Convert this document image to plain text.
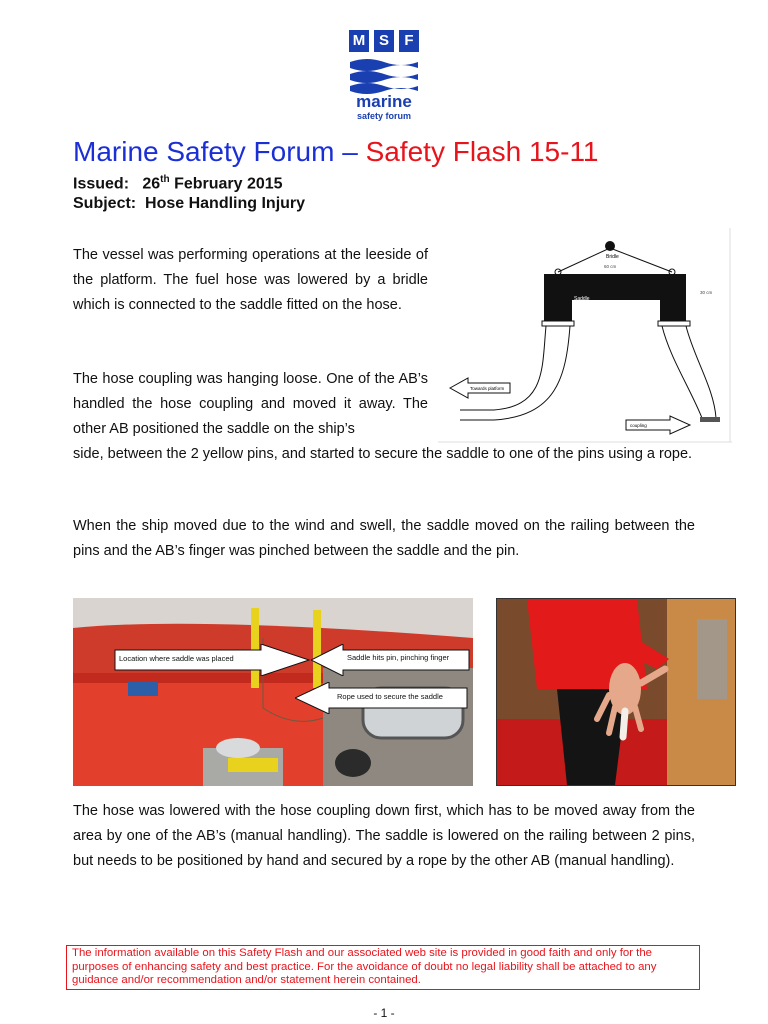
M S	F
marine
safety forum
Marine Safety Forum – Safety Flash 15-11
Issued: 26th February 2015
Subject: Hose Handling Injury
The vessel was performing operations at the leeside of the platform. The fuel hose was lowered by a bridle which is connected to the saddle fitted on the hose.
The hose coupling was hanging loose. One of the AB’s handled the hose coupling and moved it away. The other AB positioned the saddle on the ship’s
side, between the 2 yellow pins, and started to secure the saddle to one of the pins using a rope.
When the ship moved due to the wind and swell, the saddle moved on the railing between the pins and the AB’s finger was pinched between the saddle and the pin.
Bridle
60 cm
30 cm
Saddle
Towards platform
coupling
Location where saddle was placed	Saddle hits pin, pinching finger
Rope used to secure the saddle
The hose was lowered with the hose coupling down first, which has to be moved away from the area by one of the AB’s (manual handling). The saddle is lowered on the railing between 2 pins, but needs to be positioned by hand and secured by a rope by the other AB (manual handling).
The information available on this Safety Flash and our associated web site is provided in good faith and only for the purposes of enhancing safety and best practice. For the avoidance of doubt no legal liability shall be attached to any guidance and/or recommendation and/or statement herein contained.
- 1 -
